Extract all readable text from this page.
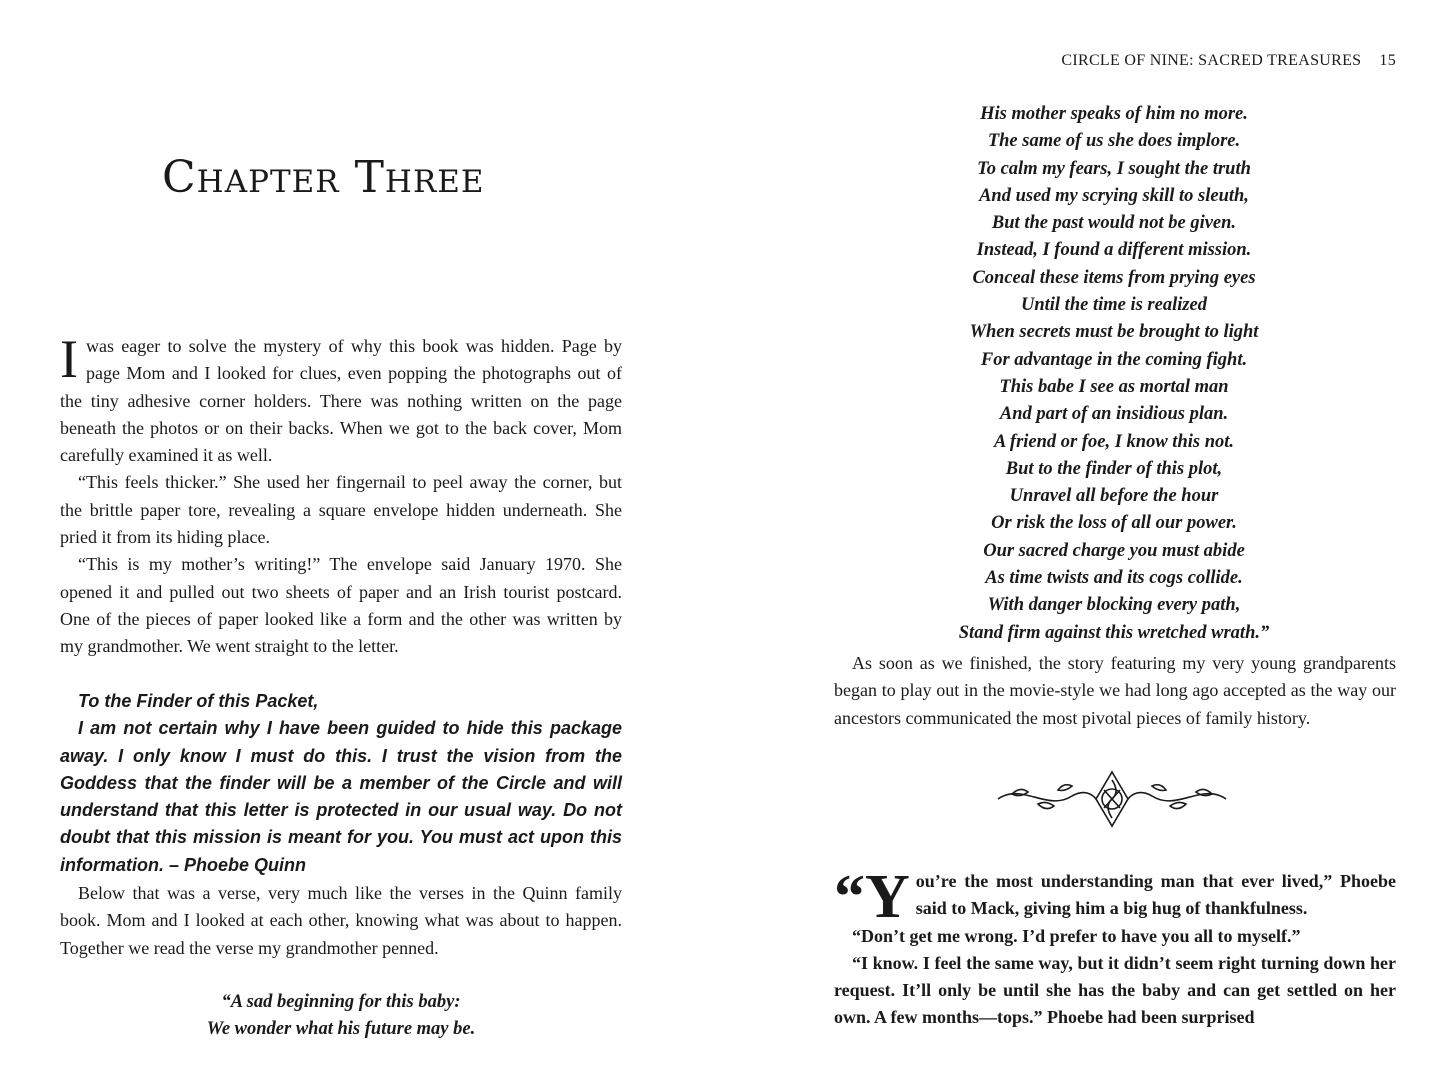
Chapter Three

Iwas eager to solve the mystery of why this book was hidden. Page by page Mom and I looked for clues, even popping the photographs out of the tiny adhesive corner holders. There was nothing written on the page beneath the photos or on their backs. When we got to the back cover, Mom carefully examined it as well.

“This feels thicker.” She used her fingernail to peel away the corner, but the brittle paper tore, revealing a square envelope hidden underneath. She pried it from its hiding place.

“This is my mother’s writing!” The envelope said January 1970. She opened it and pulled out two sheets of paper and an Irish tourist postcard. One of the pieces of paper looked like a form and the other was written by my grandmother. We went straight to the letter.

To the Finder of this Packet,

I am not certain why I have been guided to hide this package away. I only know I must do this. I trust the vision from the Goddess that the finder will be a member of the Circle and will understand that this letter is protected in our usual way. Do not doubt that this mission is meant for you. You must act upon this information. – Phoebe Quinn

Below that was a verse, very much like the verses in the Quinn family book. Mom and I looked at each other, knowing what was about to happen. Together we read the verse my grandmother penned.

“A sad beginning for this baby:
We wonder what his future may be.
CIRCLE OF NINE: SACRED TREASURES 15
His mother speaks of him no more.
The same of us she does implore.
To calm my fears, I sought the truth
And used my scrying skill to sleuth,
But the past would not be given.
Instead, I found a different mission.
Conceal these items from prying eyes
Until the time is realized
When secrets must be brought to light
For advantage in the coming fight.
This babe I see as mortal man
And part of an insidious plan.
A friend or foe, I know this not.
But to the finder of this plot,
Unravel all before the hour
Or risk the loss of all our power.
Our sacred charge you must abide
As time twists and its cogs collide.
With danger blocking every path,
Stand firm against this wretched wrath.”

As soon as we finished, the story featuring my very young grandparents began to play out in the movie-style we had long ago accepted as the way our ancestors communicated the most pivotal pieces of family history.

“You’re the most understanding man that ever lived,” Phoebe said to Mack, giving him a big hug of thankfulness.

“Don’t get me wrong. I’d prefer to have you all to myself.”

“I know. I feel the same way, but it didn’t seem right turning down her request. It’ll only be until she has the baby and can get settled on her own. A few months—tops.” Phoebe had been surprised
